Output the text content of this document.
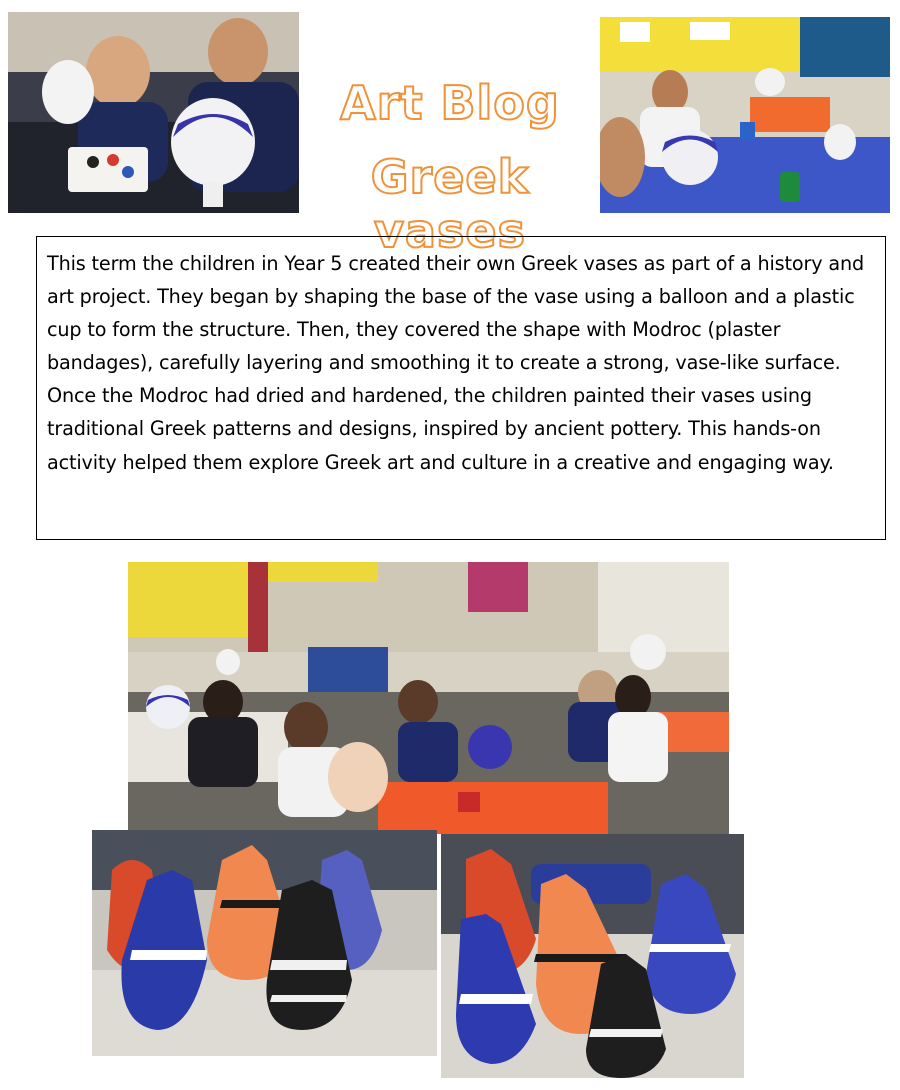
Art Blog
Greek vases

This term the children in Year 5 created their own Greek vases as part of a history and art project. They began by shaping the base of the vase using a balloon and a plastic cup to form the structure. Then, they covered the shape with Modroc (plaster bandages), carefully layering and smoothing it to create a strong, vase-like surface. Once the Modroc had dried and hardened, the children painted their vases using traditional Greek patterns and designs, inspired by ancient pottery. This hands-on activity helped them explore Greek art and culture in a creative and engaging way.
